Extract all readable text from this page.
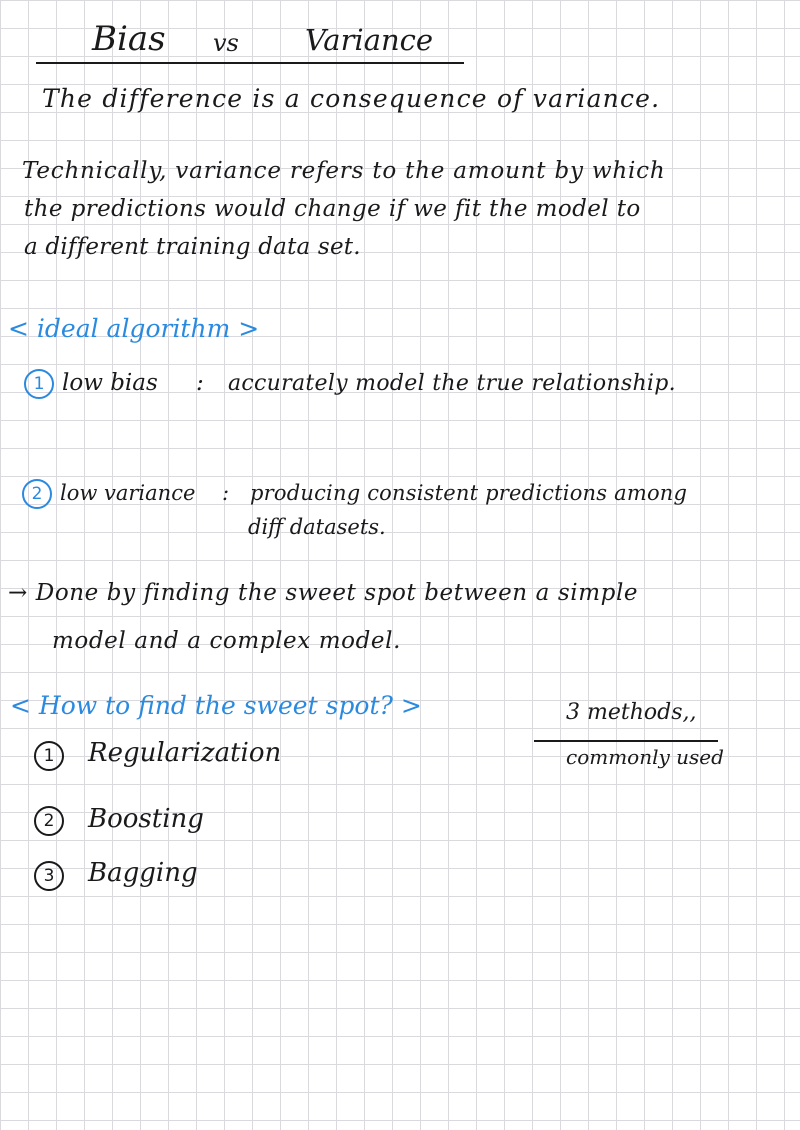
Bias vs Variance
The difference is a consequence of variance.
Technically, variance refers to the amount by which
the predictions would change if we fit the model to
a different training data set.
< ideal algorithm >
1 low bias : accurately model the true relationship.
2 low variance : producing consistent predictions among
diff datasets.
→ Done by finding the sweet spot between a simple
model and a complex model.
< How to find the sweet spot? >	3 methods,,
commonly used
1	Regularization
2	Boosting
3	Bagging
